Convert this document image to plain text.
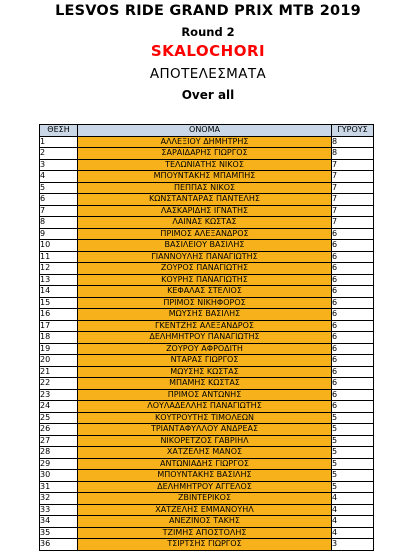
LESVOS RIDE GRAND PRIX MTB 2019
Round 2
SKALOCHORI
ΑΠΟΤΕΛΕΣΜΑΤΑ
Over all
ΘΕΣΗ	ΟΝΟΜΑ	ΓΥΡΟΥΣ
1	ΑΛΛΕΞΙΟΥ ΔΗΜΗΤΡΗΣ	8
2	ΣΑΡΑΙΔΑΡΗΣ ΓΙΩΡΓΟΣ	8
3	ΤΕΛΩΝΙΑΤΗΣ ΝΙΚΟΣ	7
4	ΜΠΟΥΝΤΑΚΗΣ ΜΠΑΜΠΗΣ	7
5	ΠΕΠΠΑΣ ΝΙΚΟΣ	7
6	ΚΩΝΣΤΑΝΤΑΡΑΣ ΠΑΝΤΕΛΗΣ	7
7	ΛΑΣΚΑΡΙΔΗΣ ΙΓΝΑΤΗΣ	7
8	ΛΑΙΝΑΣ ΚΩΣΤΑΣ	7
9	ΠΡΙΜΟΣ ΑΛΕΞΑΝΔΡΟΣ	6
10	ΒΑΣΙΛΕΙΟΥ ΒΑΣΙΛΗΣ	6
11	ΓΙΑΝΝΟΥΛΗΣ ΠΑΝΑΓΙΩΤΗΣ	6
12	ΖΟΥΡΟΣ ΠΑΝΑΓΙΩΤΗΣ	6
13	ΚΟΥΡΗΣ ΠΑΝΑΓΙΩΤΗΣ	6
14	ΚΕΦΑΛΑΣ ΣΤΕΛΙΟΣ	6
15	ΠΡΙΜΟΣ ΝΙΚΗΦΟΡΟΣ	6
16	ΜΩΥΣΗΣ ΒΑΣΙΛΗΣ	6
17	ΓΚΕΝΤΖΗΣ ΑΛΕΞΑΝΔΡΟΣ	6
18	ΔΕΛΗΜΗΤΡΟΥ ΠΑΝΑΓΙΩΤΗΣ	6
19	ΖΟΥΡΟΥ ΑΦΡΟΔΙΤΗ	6
20	ΝΤΑΡΑΣ ΓΙΩΡΓΟΣ	6
21	ΜΩΥΣΗΣ ΚΩΣΤΑΣ	6
22	ΜΠΑΜΗΣ ΚΩΣΤΑΣ	6
23	ΠΡΙΜΟΣ ΑΝΤΩΝΗΣ	6
24	ΛΟΥΛΑΔΕΛΛΗΣ ΠΑΝΑΓΙΩΤΗΣ	6
25	ΚΟΥΤΡΟΥΤΗΣ ΤΙΜΟΛΕΩΝ	5
26	ΤΡΙΑΝΤΑΦΥΛΛΟΥ ΑΝΔΡΕΑΣ	5
27	ΝΙΚΟΡΕΤΖΟΣ ΓΑΒΡΙΗΛ	5
28	ΧΑΤΖΕΛΗΣ ΜΑΝΟΣ	5
29	ΑΝΤΩΝΙΑΔΗΣ ΓΙΩΡΓΟΣ	5
30	ΜΠΟΥΝΤΑΚΗΣ ΒΑΣΙΛΗΣ	5
31	ΔΕΛΗΜΗΤΡΟΥ ΑΓΓΕΛΟΣ	5
32	ΖΒΙΝΤΕΡΙΚΟΣ	4
33	ΧΑΤΖΕΛΗΣ ΕΜΜΑΝΟΥΗΛ	4
34	ΑΝΕΖΙΝΟΣ ΤΑΚΗΣ	4
35	ΤΖΙΜΗΣ ΑΠΟΣΤΟΛΗΣ	4
36	ΤΣΙΡΤΣΗΣ ΓΙΩΡΓΟΣ	3
